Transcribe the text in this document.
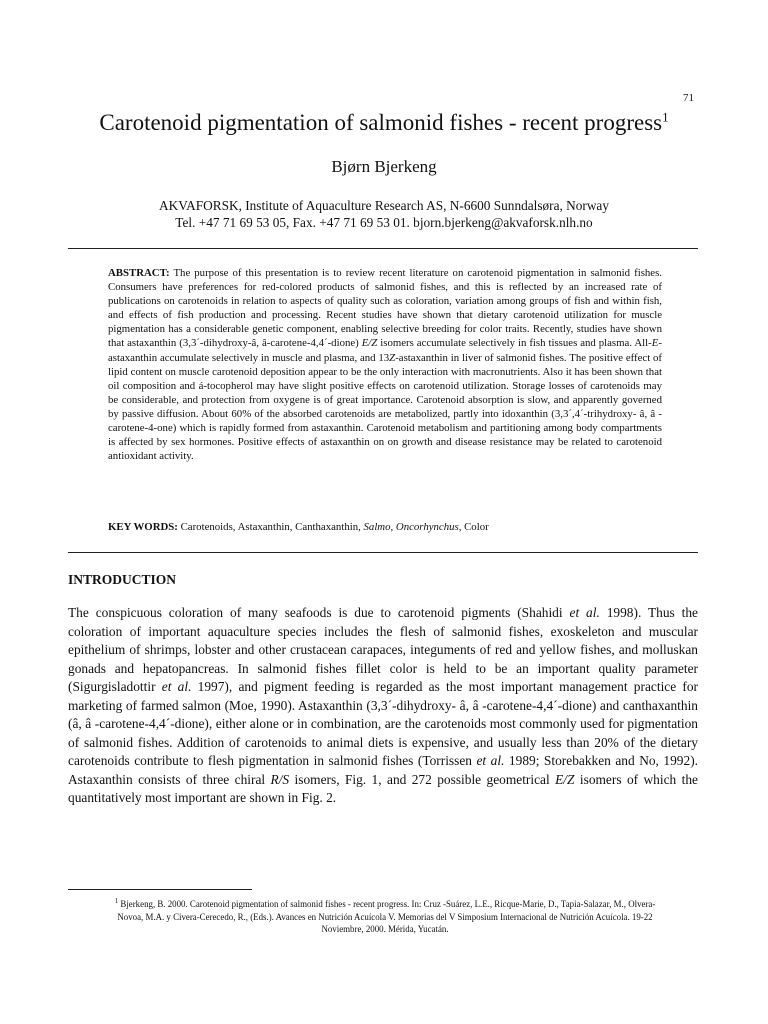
71
Carotenoid pigmentation of salmonid fishes - recent progress$^1$
Bjørn Bjerkeng
AKVAFORSK, Institute of Aquaculture Research AS, N-6600 Sunndalsøra, Norway
Tel. +47 71 69 53 05, Fax. +47 71 69 53 01. bjorn.bjerkeng@akvaforsk.nlh.no
ABSTRACT: The purpose of this presentation is to review recent literature on carotenoid pigmentation in salmonid fishes. Consumers have preferences for red-colored products of salmonid fishes, and this is reflected by an increased rate of publications on carotenoids in relation to aspects of quality such as coloration, variation among groups of fish and within fish, and effects of fish production and processing. Recent studies have shown that dietary carotenoid utilization for muscle pigmentation has a considerable genetic component, enabling selective breeding for color traits. Recently, studies have shown that astaxanthin (3,3´-dihydroxy-â, â-carotene-4,4´-dione) E/Z isomers accumulate selectively in fish tissues and plasma. All-E-astaxanthin accumulate selectively in muscle and plasma, and 13Z-astaxanthin in liver of salmonid fishes. The positive effect of lipid content on muscle carotenoid deposition appear to be the only interaction with macronutrients. Also it has been shown that oil composition and á-tocopherol may have slight positive effects on carotenoid utilization. Storage losses of carotenoids may be considerable, and protection from oxygene is of great importance. Carotenoid absorption is slow, and apparently governed by passive diffusion. About 60% of the absorbed carotenoids are metabolized, partly into idoxanthin (3,3´,4´-trihydroxy- â, â -carotene-4-one) which is rapidly formed from astaxanthin. Carotenoid metabolism and partitioning among body compartments is affected by sex hormones. Positive effects of astaxanthin on on growth and disease resistance may be related to carotenoid antioxidant activity.
KEY WORDS: Carotenoids, Astaxanthin, Canthaxanthin, Salmo, Oncorhynchus, Color
INTRODUCTION
The conspicuous coloration of many seafoods is due to carotenoid pigments (Shahidi et al. 1998). Thus the coloration of important aquaculture species includes the flesh of salmonid fishes, exoskeleton and muscular epithelium of shrimps, lobster and other crustacean carapaces, integuments of red and yellow fishes, and molluskan gonads and hepatopancreas. In salmonid fishes fillet color is held to be an important quality parameter (Sigurgisladottir et al. 1997), and pigment feeding is regarded as the most important management practice for marketing of farmed salmon (Moe, 1990). Astaxanthin (3,3´-dihydroxy- â, â -carotene-4,4´-dione) and canthaxanthin (â, â -carotene-4,4´-dione), either alone or in combination, are the carotenoids most commonly used for pigmentation of salmonid fishes. Addition of carotenoids to animal diets is expensive, and usually less than 20% of the dietary carotenoids contribute to flesh pigmentation in salmonid fishes (Torrissen et al. 1989; Storebakken and No, 1992). Astaxanthin consists of three chiral R/S isomers, Fig. 1, and 272 possible geometrical E/Z isomers of which the quantitatively most important are shown in Fig. 2.
$^1$ Bjerkeng, B. 2000. Carotenoid pigmentation of salmonid fishes - recent progress. In: Cruz -Suárez, L.E., Ricque-Marie, D., Tapia-Salazar, M., Olvera-Novoa, M.A. y Civera-Cerecedo, R., (Eds.). Avances en Nutrición Acuícola V. Memorias del V Simposium Internacional de Nutrición Acuícola. 19-22 Noviembre, 2000. Mérida, Yucatán.
